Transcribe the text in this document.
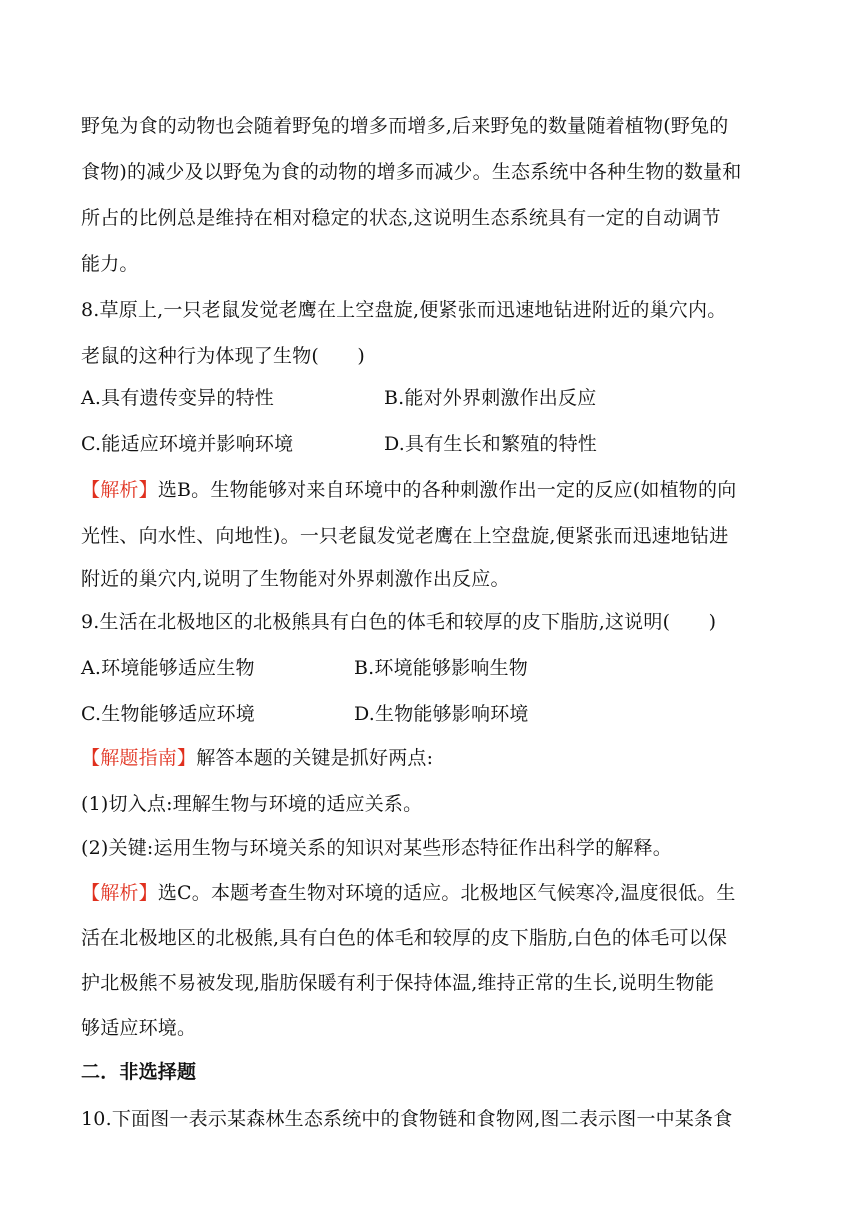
野兔为食的动物也会随着野兔的增多而增多,后来野兔的数量随着植物(野兔的
食物)的减少及以野兔为食的动物的增多而减少。生态系统中各种生物的数量和
所占的比例总是维持在相对稳定的状态,这说明生态系统具有一定的自动调节
能力。
8.草原上,一只老鼠发觉老鹰在上空盘旋,便紧张而迅速地钻进附近的巢穴内。
老鼠的这种行为体现了生物(　　)
A.具有遗传变异的特性	B.能对外界刺激作出反应
C.能适应环境并影响环境	D.具有生长和繁殖的特性
【解析】选B。生物能够对来自环境中的各种刺激作出一定的反应(如植物的向
光性、向水性、向地性)。一只老鼠发觉老鹰在上空盘旋,便紧张而迅速地钻进
附近的巢穴内,说明了生物能对外界刺激作出反应。
9.生活在北极地区的北极熊具有白色的体毛和较厚的皮下脂肪,这说明(　　)
A.环境能够适应生物	B.环境能够影响生物
C.生物能够适应环境	D.生物能够影响环境
【解题指南】解答本题的关键是抓好两点:
(1)切入点:理解生物与环境的适应关系。
(2)关键:运用生物与环境关系的知识对某些形态特征作出科学的解释。
【解析】选C。本题考查生物对环境的适应。北极地区气候寒冷,温度很低。生
活在北极地区的北极熊,具有白色的体毛和较厚的皮下脂肪,白色的体毛可以保
护北极熊不易被发现,脂肪保暖有利于保持体温,维持正常的生长,说明生物能
够适应环境。
二．非选择题
10.下面图一表示某森林生态系统中的食物链和食物网,图二表示图一中某条食
